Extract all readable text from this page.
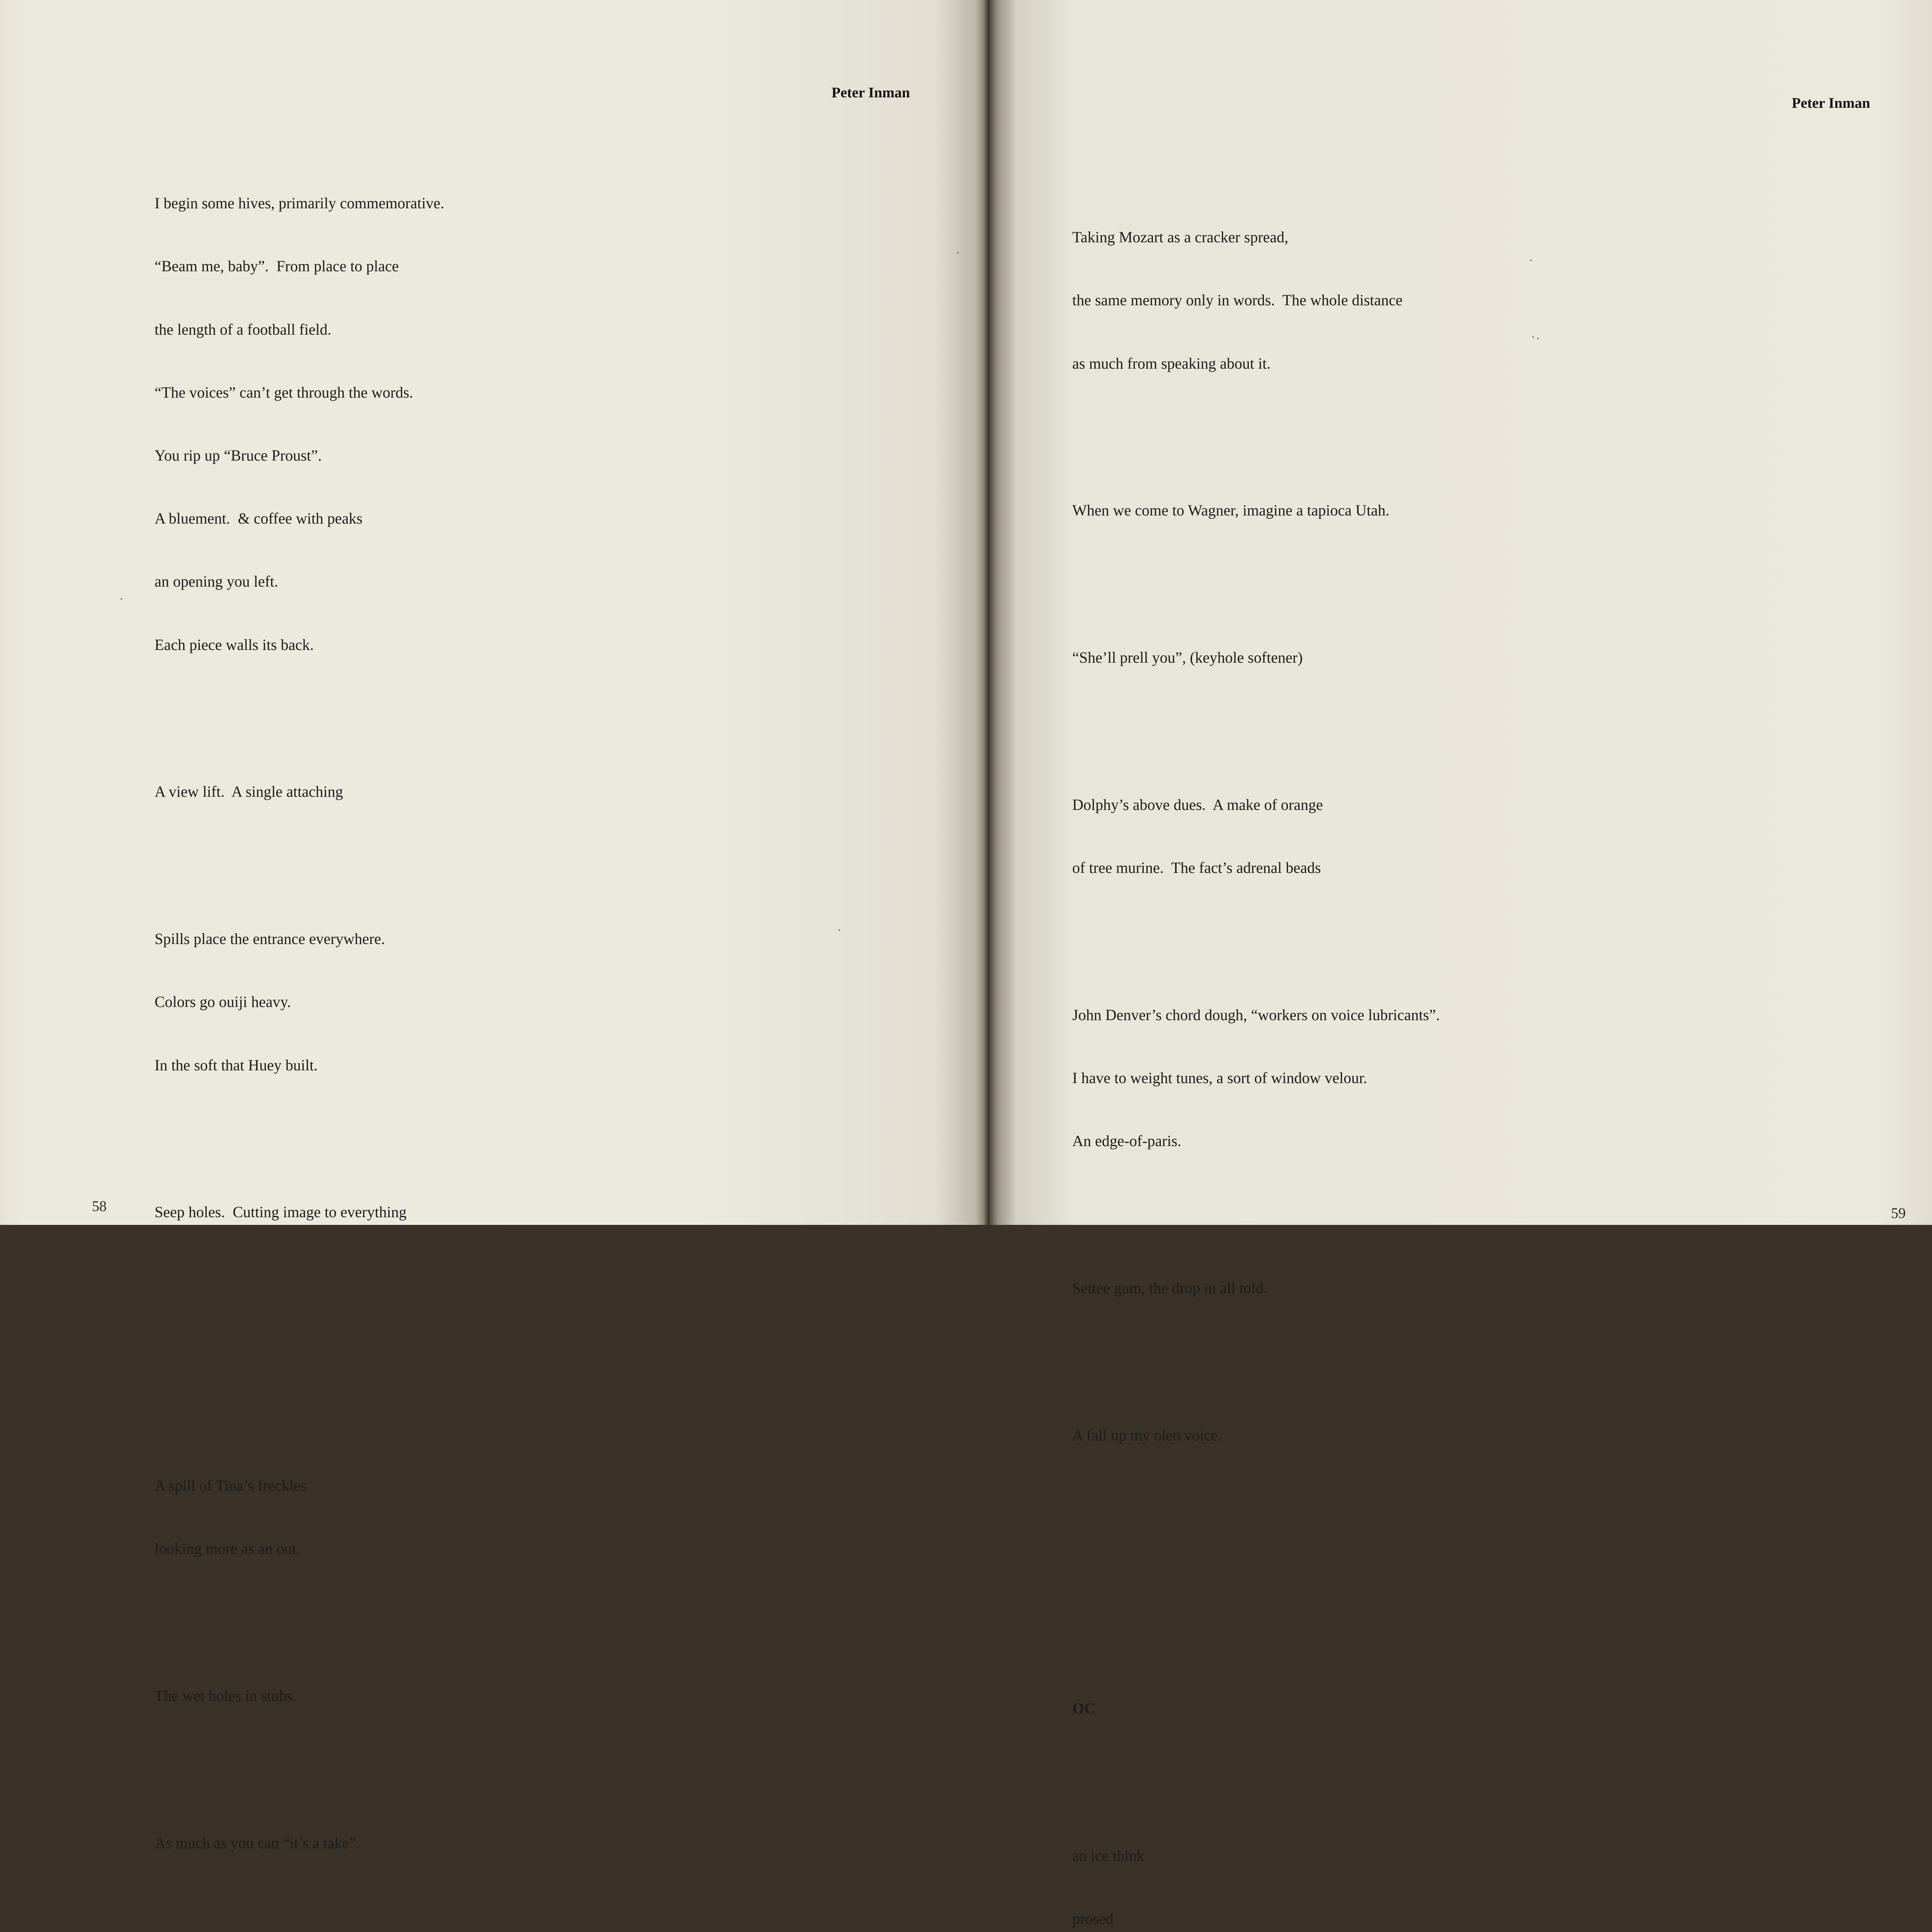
Peter Inman

I begin some hives, primarily commemorative.

“Beam me, baby”.  From place to place

the length of a football field.

“The voices” can’t get through the words.

You rip up “Bruce Proust”.

A bluement.  & coffee with peaks

an opening you left.

Each piece walls its back.

A view lift.  A single attaching

Spills place the entrance everywhere.

Colors go ouiji heavy.

In the soft that Huey built.

Seep holes.  Cutting image to everything

A spill of Tina’s freckles

looking more as an out.

The wet holes in stubs.

As much as you can “it’s a take”.

58
Peter Inman

Taking Mozart as a cracker spread,

the same memory only in words.  The whole distance

as much from speaking about it.

When we come to Wagner, imagine a tapioca Utah.

“She’ll prell you”, (keyhole softener)

Dolphy’s above dues.  A make of orange

of tree murine.  The fact’s adrenal beads

John Denver’s chord dough, “workers on voice lubricants”.

I have to weight tunes, a sort of window velour.

An edge-of-paris.

Settee gum, the drop in all told.

A fall up my oleo voice.

OC

an ice think

prosed

59
